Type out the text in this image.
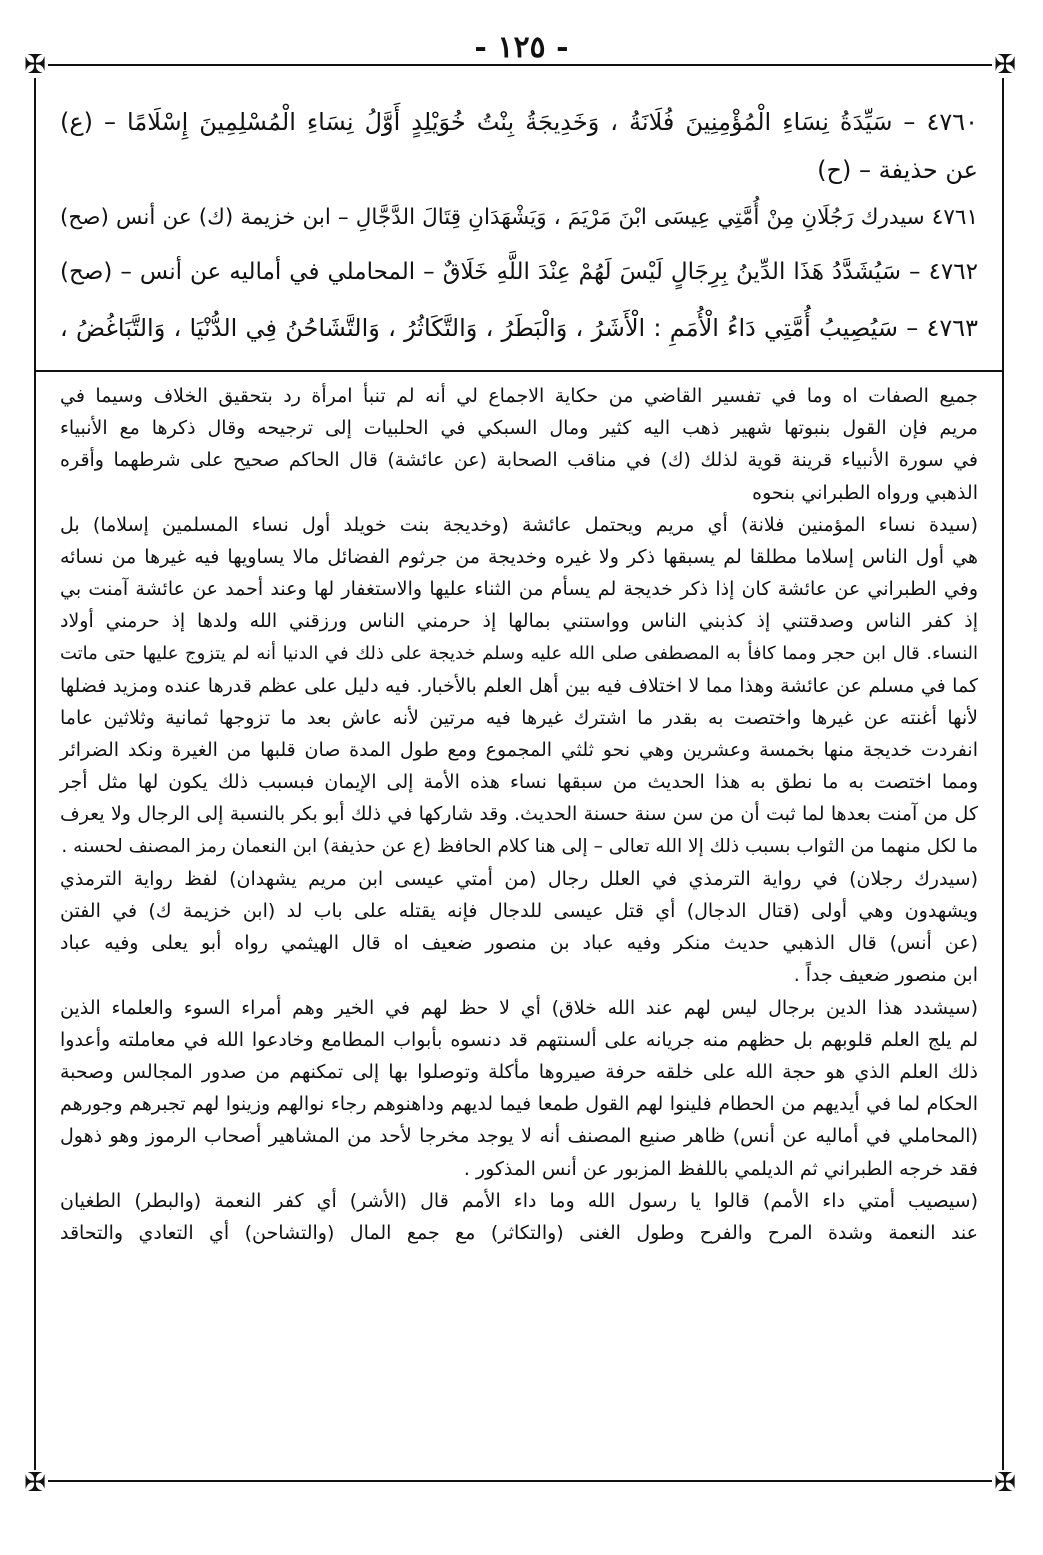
✠	✠
✠	✠
- ١٢٥ -
٤٧٦٠ – سَيِّدَةُ نِسَاءِ الْمُؤْمِنِينَ فُلَانَةُ ، وَخَدِيجَةُ بِنْتُ خُوَيْلِدٍ أَوَّلُ نِسَاءِ الْمُسْلِمِينَ إِسْلَامًا – (ع)
عن حذيفة – (ح)
٤٧٦١ سيدرك رَجُلَانِ مِنْ أُمَّتِي عِيسَى ابْنَ مَرْيَمَ ، وَيَشْهَدَانِ قِتَالَ الدَّجَّالِ – ابن خزيمة (ك) عن أنس (صح)
٤٧٦٢ – سَيُشَدَّدُ هَذَا الدِّينُ بِرِجَالٍ لَيْسَ لَهُمْ عِنْدَ اللَّهِ خَلَاقٌ – المحاملي في أماليه عن أنس – (صح)
٤٧٦٣ – سَيُصِيبُ أُمَّتِي دَاءُ الْأُمَمِ : الْأَشَرُ ، وَالْبَطَرُ ، وَالتَّكَاثُرُ ، وَالتَّشَاحُنُ فِي الدُّنْيَا ، وَالتَّبَاغُضُ ،
جميع الصفات اه وما في تفسير القاضي من حكاية الاجماع لي أنه لم تنبأ امرأة رد بتحقيق الخلاف وسيما في
مريم فإن القول بنبوتها شهير ذهب اليه كثير ومال السبكي في الحلبيات إلى ترجيحه وقال ذكرها مع الأنبياء
في سورة الأنبياء قرينة قوية لذلك (ك) في مناقب الصحابة (عن عائشة) قال الحاكم صحيح على شرطهما وأقره
الذهبي ورواه الطبراني بنحوه
(سيدة نساء المؤمنين فلانة) أي مريم ويحتمل عائشة (وخديجة بنت خويلد أول نساء المسلمين إسلاما) بل
هي أول الناس إسلاما مطلقا لم يسبقها ذكر ولا غيره وخديجة من جرثوم الفضائل مالا يساويها فيه غيرها من نسائه
وفي الطبراني عن عائشة كان إذا ذكر خديجة لم يسأم من الثناء عليها والاستغفار لها وعند أحمد عن عائشة آمنت بي
إذ كفر الناس وصدقتني إذ كذبني الناس وواستني بمالها إذ حرمني الناس ورزقني الله ولدها إذ حرمني أولاد
النساء. قال ابن حجر ومما كافأ به المصطفى صلى الله عليه وسلم خديجة على ذلك في الدنيا أنه لم يتزوج عليها حتى ماتت
كما في مسلم عن عائشة وهذا مما لا اختلاف فيه بين أهل العلم بالأخبار. فيه دليل على عظم قدرها عنده ومزيد فضلها
لأنها أغنته عن غيرها واختصت به بقدر ما اشترك غيرها فيه مرتين لأنه عاش بعد ما تزوجها ثمانية وثلاثين عاما
انفردت خديجة منها بخمسة وعشرين وهي نحو ثلثي المجموع ومع طول المدة صان قلبها من الغيرة ونكد الضرائر
ومما اختصت به ما نطق به هذا الحديث من سبقها نساء هذه الأمة إلى الإيمان فبسبب ذلك يكون لها مثل أجر
كل من آمنت بعدها لما ثبت أن من سن سنة حسنة الحديث. وقد شاركها في ذلك أبو بكر بالنسبة إلى الرجال ولا يعرف
ما لكل منهما من الثواب بسبب ذلك إلا الله تعالى – إلى هنا كلام الحافظ (ع عن حذيفة) ابن النعمان رمز المصنف لحسنه .
(سيدرك رجلان) في رواية الترمذي في العلل رجال (من أمتي عيسى ابن مريم يشهدان) لفظ رواية الترمذي
ويشهدون وهي أولى (قتال الدجال) أي قتل عيسى للدجال فإنه يقتله على باب لد (ابن خزيمة ك) في الفتن
(عن أنس) قال الذهبي حديث منكر وفيه عباد بن منصور ضعيف اه قال الهيثمي رواه أبو يعلى وفيه عباد
ابن منصور ضعيف جداً .
(سيشدد هذا الدين برجال ليس لهم عند الله خلاق) أي لا حظ لهم في الخير وهم أمراء السوء والعلماء الذين
لم يلج العلم قلوبهم بل حظهم منه جريانه على ألسنتهم قد دنسوه بأبواب المطامع وخادعوا الله في معاملته وأعدوا
ذلك العلم الذي هو حجة الله على خلقه حرفة صيروها مأكلة وتوصلوا بها إلى تمكنهم من صدور المجالس وصحبة
الحكام لما في أيديهم من الحطام فلينوا لهم القول طمعا فيما لديهم وداهنوهم رجاء نوالهم وزينوا لهم تجبرهم وجورهم
(المحاملي في أماليه عن أنس) ظاهر صنيع المصنف أنه لا يوجد مخرجا لأحد من المشاهير أصحاب الرموز وهو ذهول
فقد خرجه الطبراني ثم الديلمي باللفظ المزبور عن أنس المذكور .
(سيصيب أمتي داء الأمم) قالوا يا رسول الله وما داء الأمم قال (الأشر) أي كفر النعمة (والبطر) الطغيان
عند النعمة وشدة المرح والفرح وطول الغنى (والتكاثر) مع جمع المال (والتشاحن) أي التعادي والتحاقد
